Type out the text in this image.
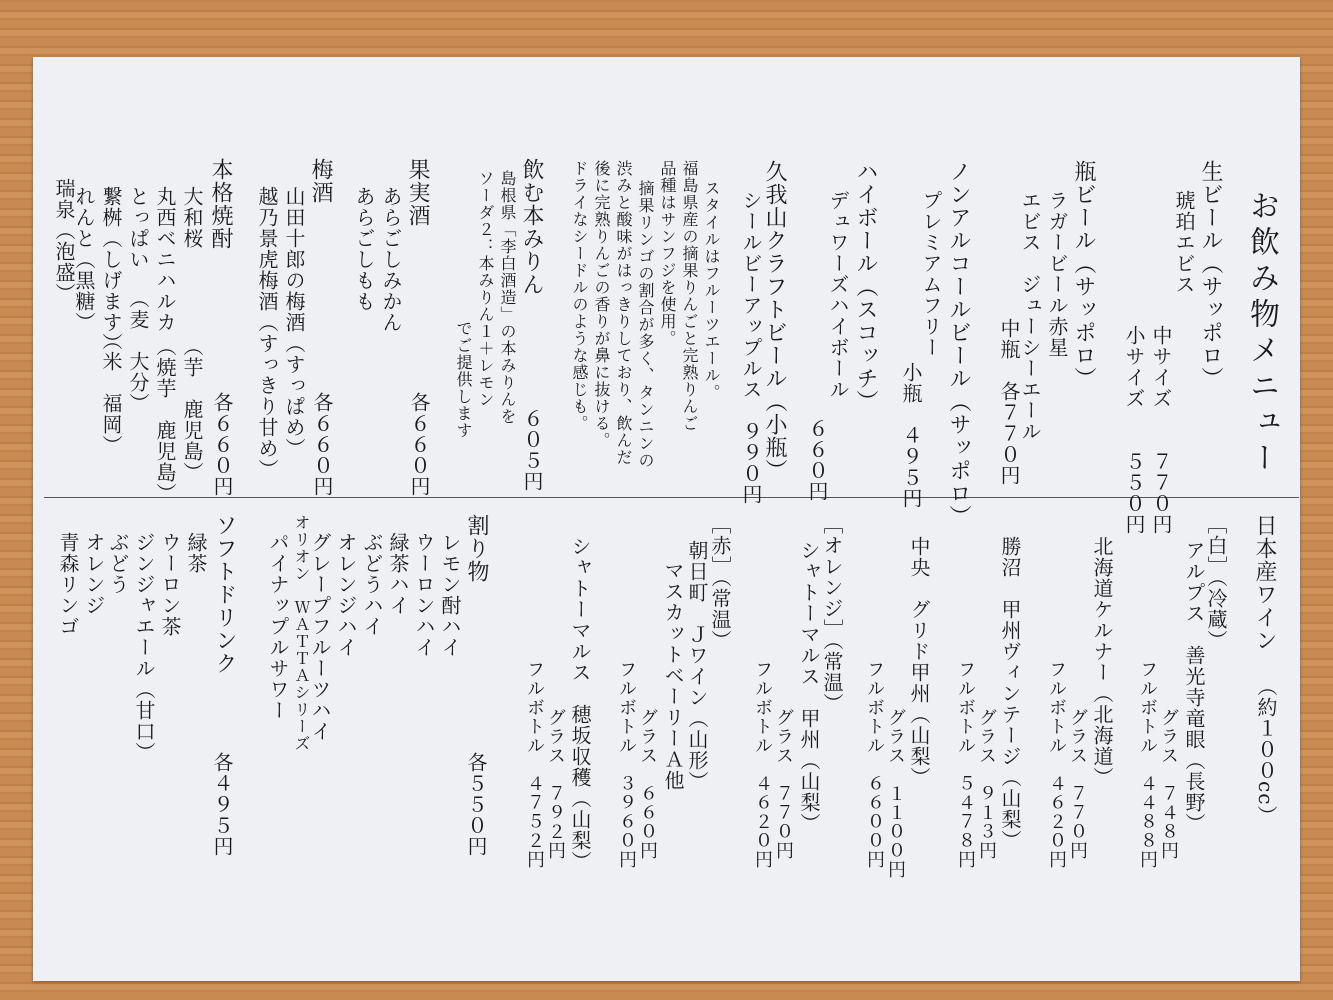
お飲み物メニュー

生ビール（サッポロ）

琥珀エビス

中サイズ　　７７０円

小サイズ　　５５０円

瓶ビール（サッポロ）

ラガービール赤星

エビス　ジューシーエール

中瓶　各７７０円

ノンアルコールビール（サッポロ）

プレミアムフリー

小瓶　４９５円

ハイボール（スコッチ）

デュワーズハイボール

６６０円

久我山クラフトビール（小瓶）

シールビーアップルス　９９０円

スタイルはフルーツエール。

福島県産の摘果りんごと完熟りんご

品種はサンフジを使用。

摘果リンゴの割合が多く、タンニンの

渋みと酸味がはっきりしており、飲んだ

後に完熟りんごの香りが鼻に抜ける。

ドライなシードルのような感じも。

飲む本みりん

島根県「李白酒造」の本みりんを

ソーダ２：本みりん１＋レモン

でご提供します

６０５円

果実酒

あらごしみかん

あらごしもも

各６６０円

梅酒

山田十郎の梅酒（すっぱめ）

越乃景虎梅酒（すっきり甘め） 各６６０円

本格焼酎

大和桜

（芋　鹿児島）

丸西ベニハルカ

（焼芋　鹿児島）

とっぱい

（麦　大分）

繋桝（しげます）

（米　福岡）

れんと（黒糖）

瑞泉（泡盛）

各６６０円

日本産ワイン

（約１００cc）

［白］（冷蔵）

アルプス　善光寺竜眼（長野）

グラス　７４８円

フルボトル　４４８８円

北海道ケルナー（北海道）

グラス　７７０円

フルボトル　４６２０円

勝沼　甲州ヴィンテージ（山梨）

グラス　９１３円

フルボトル　５４７８円

中央　グリド甲州（山梨）

グラス　１１００円

フルボトル　６６００円

［オレンジ］（常温）

シャトーマルス　甲州（山梨）

グラス　７７０円

フルボトル　４６２０円

［赤］（常温）

朝日町　Ｊワイン（山形）

マスカットベーリーＡ他

グラス　６６０円

フルボトル　３９６０円

シャトーマルス　穂坂収穫（山梨）

グラス　７９２円

フルボトル　４７５２円

割り物

レモン酎ハイ

ウーロンハイ

緑茶ハイ

ぶどうハイ

オレンジハイ

グレープフルーツハイ

オリオン　ＷＡＴＴＡシリーズ

パイナップルサワー

各５５０円

ソフトドリンク

緑茶

ウーロン茶

ジンジャエール（甘口）

ぶどう

オレンジ

青森リンゴ

各４９５円
